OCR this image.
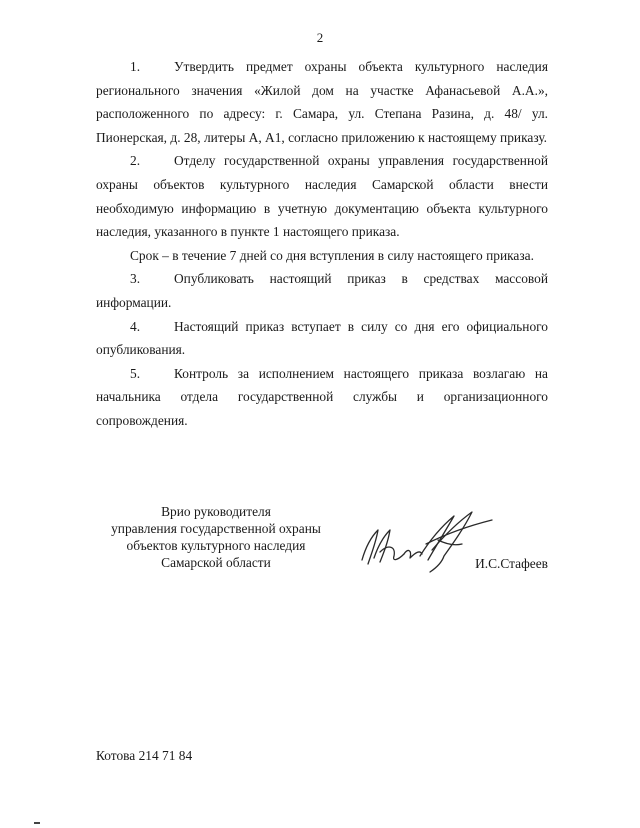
2

1.	Утвердить предмет охраны объекта культурного наследия регионального значения «Жилой дом на участке Афанасьевой А.А.», расположенного по адресу: г. Самара, ул. Степана Разина, д. 48/ ул. Пионерская, д. 28, литеры А, А1, согласно приложению к настоящему приказу.

2.	Отделу государственной охраны управления государственной охраны объектов культурного наследия Самарской области внести необходимую информацию в учетную документацию объекта культурного наследия, указанного в пункте 1 настоящего приказа.

Срок – в течение 7 дней со дня вступления в силу настоящего приказа.

3.	Опубликовать настоящий приказ в средствах массовой информации.

4.	Настоящий приказ вступает в силу со дня его официального опубликования.

5.	Контроль за исполнением настоящего приказа возлагаю на начальника отдела государственной службы и организационного сопровождения.

Врио руководителя
управления государственной охраны
объектов культурного наследия
Самарской области	И.С.Стафеев
Котова 214 71 84
